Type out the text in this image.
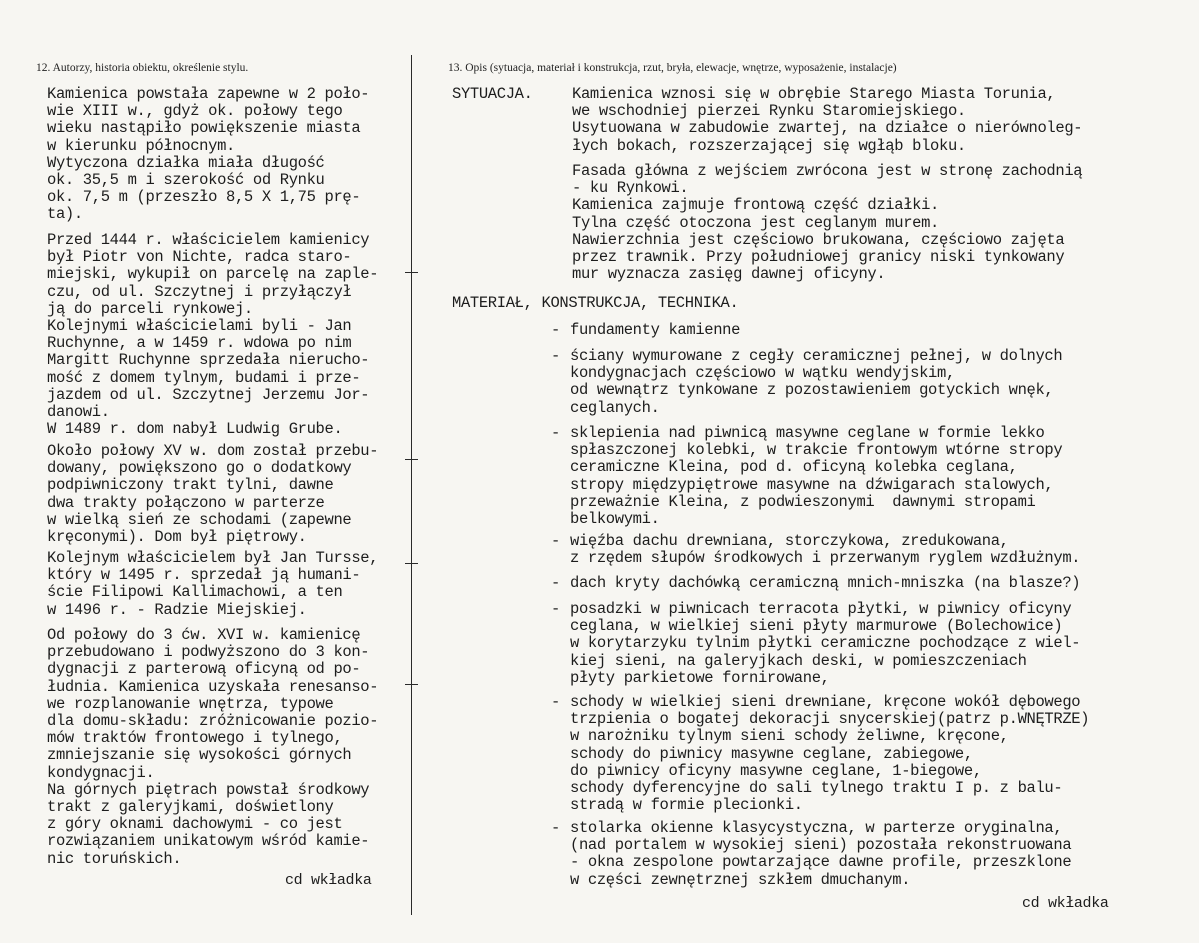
12. Autorzy, historia obiektu, określenie stylu.	13. Opis (sytuacja, materiał i konstrukcja, rzut, bryła, elewacje, wnętrze, wyposażenie, instalacje)
Kamienica powstała zapewne w 2 poło-
wie XIII w., gdyż ok. połowy tego
wieku nastąpiło powiększenie miasta
w kierunku północnym.
Wytyczona działka miała długość
ok. 35,5 m i szerokość od Rynku
ok. 7,5 m (przeszło 8,5 X 1,75 prę-
ta).
Przed 1444 r. właścicielem kamienicy
był Piotr von Nichte, radca staro-
miejski, wykupił on parcelę na zaple-
czu, od ul. Szczytnej i przyłączył
ją do parceli rynkowej.
Kolejnymi właścicielami byli - Jan
Ruchynne, a w 1459 r. wdowa po nim
Margitt Ruchynne sprzedała nierucho-
mość z domem tylnym, budami i prze-
jazdem od ul. Szczytnej Jerzemu Jor-
danowi.
W 1489 r. dom nabył Ludwig Grube.
Około połowy XV w. dom został przebu-
dowany, powiększono go o dodatkowy
podpiwniczony trakt tylni, dawne
dwa trakty połączono w parterze
w wielką sień ze schodami (zapewne
kręconymi). Dom był piętrowy.
Kolejnym właścicielem był Jan Tursse,
który w 1495 r. sprzedał ją humani-
ście Filipowi Kallimachowi, a ten
w 1496 r. - Radzie Miejskiej.
Od połowy do 3 ćw. XVI w. kamienicę
przebudowano i podwyższono do 3 kon-
dygnacji z parterową oficyną od po-
łudnia. Kamienica uzyskała renesanso-
we rozplanowanie wnętrza, typowe
dla domu-składu: zróżnicowanie pozio-
mów traktów frontowego i tylnego,
zmniejszanie się wysokości górnych
kondygnacji.
Na górnych piętrach powstał środkowy
trakt z galeryjkami, doświetlony
z góry oknami dachowymi - co jest
rozwiązaniem unikatowym wśród kamie-
nic toruńskich.
cd wkładka
SYTUACJA.	Kamienica wznosi się w obrębie Starego Miasta Torunia,
we wschodniej pierzei Rynku Staromiejskiego.
Usytuowana w zabudowie zwartej, na działce o nierównoleg-
łych bokach, rozszerzającej się wgłąb bloku.
Fasada główna z wejściem zwrócona jest w stronę zachodnią
- ku Rynkowi.
Kamienica zajmuje frontową część działki.
Tylna część otoczona jest ceglanym murem.
Nawierzchnia jest częściowo brukowana, częściowo zajęta
przez trawnik. Przy południowej granicy niski tynkowany
mur wyznacza zasięg dawnej oficyny.
MATERIAŁ, KONSTRUKCJA, TECHNIKA.
- fundamenty kamienne
- ściany wymurowane z cegły ceramicznej pełnej, w dolnych
kondygnacjach częściowo w wątku wendyjskim,
od wewnątrz tynkowane z pozostawieniem gotyckich wnęk,
ceglanych.
- sklepienia nad piwnicą masywne ceglane w formie lekko
spłaszczonej kolebki, w trakcie frontowym wtórne stropy
ceramiczne Kleina, pod d. oficyną kolebka ceglana,
stropy międzypiętrowe masywne na dźwigarach stalowych,
przeważnie Kleina, z podwieszonymi  dawnymi stropami
belkowymi.
- więźba dachu drewniana, storczykowa, zredukowana,
z rzędem słupów środkowych i przerwanym ryglem wzdłużnym.
- dach kryty dachówką ceramiczną mnich-mniszka (na blasze?)
- posadzki w piwnicach terracota płytki, w piwnicy oficyny
ceglana, w wielkiej sieni płyty marmurowe (Bolechowice)
w korytarzyku tylnim płytki ceramiczne pochodzące z wiel-
kiej sieni, na galeryjkach deski, w pomieszczeniach
płyty parkietowe fornirowane,
- schody w wielkiej sieni drewniane, kręcone wokół dębowego
trzpienia o bogatej dekoracji snycerskiej(patrz p.WNĘTRZE)
w narożniku tylnym sieni schody żeliwne, kręcone,
schody do piwnicy masywne ceglane, zabiegowe,
do piwnicy oficyny masywne ceglane, 1-biegowe,
schody dyferencyjne do sali tylnego traktu I p. z balu-
stradą w formie plecionki.
- stolarka okienne klasycystyczna, w parterze oryginalna,
(nad portalem w wysokiej sieni) pozostała rekonstruowana
- okna zespolone powtarzające dawne profile, przeszklone
w części zewnętrznej szkłem dmuchanym.
cd wkładka
